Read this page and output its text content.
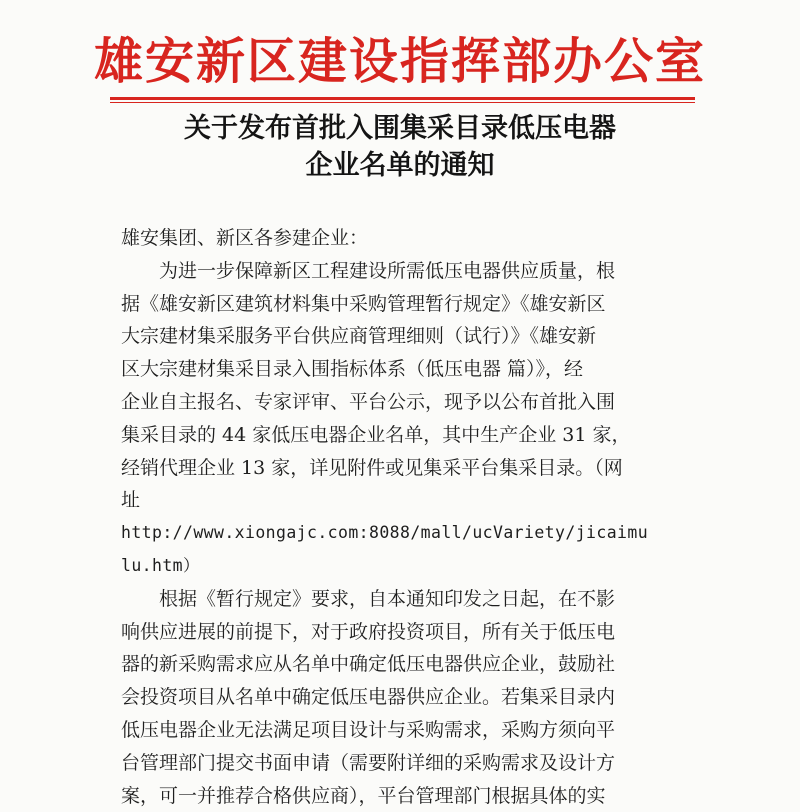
雄安新区建设指挥部办公室
关于发布首批入围集采目录低压电器
企业名单的通知
雄安集团、新区各参建企业：
为进一步保障新区工程建设所需低压电器供应质量，根
据《雄安新区建筑材料集中采购管理暂行规定》《雄安新区
大宗建材集采服务平台供应商管理细则（试行）》《雄安新
区大宗建材集采目录入围指标体系（低压电器 篇）》，经
企业自主报名、专家评审、平台公示，现予以公布首批入围
集采目录的 44 家低压电器企业名单，其中生产企业 31 家，
经销代理企业 13 家，详见附件或见集采平台集采目录。（网
址
http://www.xiongajc.com:8088/mall/ucVariety/jicaimu
lu.htm）
根据《暂行规定》要求，自本通知印发之日起，在不影
响供应进展的前提下，对于政府投资项目，所有关于低压电
器的新采购需求应从名单中确定低压电器供应企业，鼓励社
会投资项目从名单中确定低压电器供应企业。若集采目录内
低压电器企业无法满足项目设计与采购需求，采购方须向平
台管理部门提交书面申请（需要附详细的采购需求及设计方
案，可一并推荐合格供应商），平台管理部门根据具体的实
